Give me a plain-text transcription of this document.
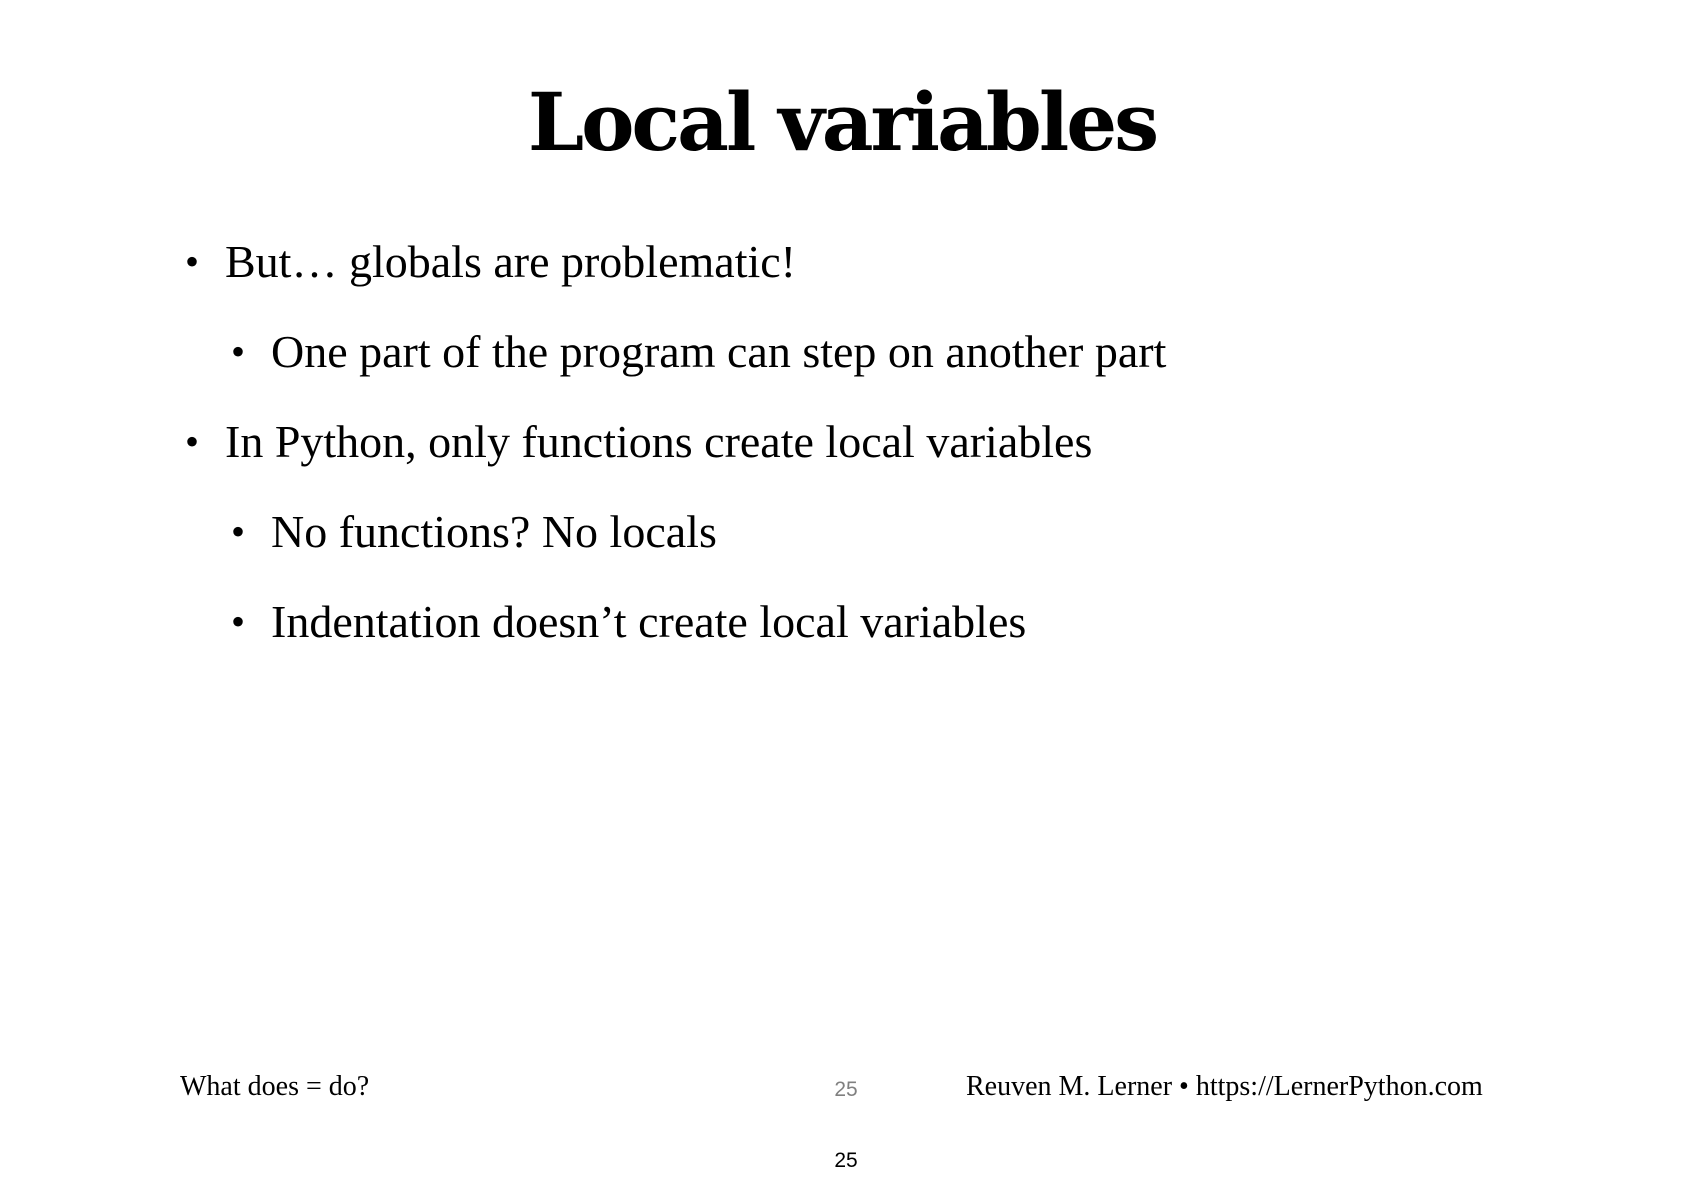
Local variables
• But… globals are problematic!
• One part of the program can step on another part
• In Python, only functions create local variables
• No functions? No locals
• Indentation doesn’t create local variables
What does = do?	25	Reuven M. Lerner • https://LernerPython.com
25
